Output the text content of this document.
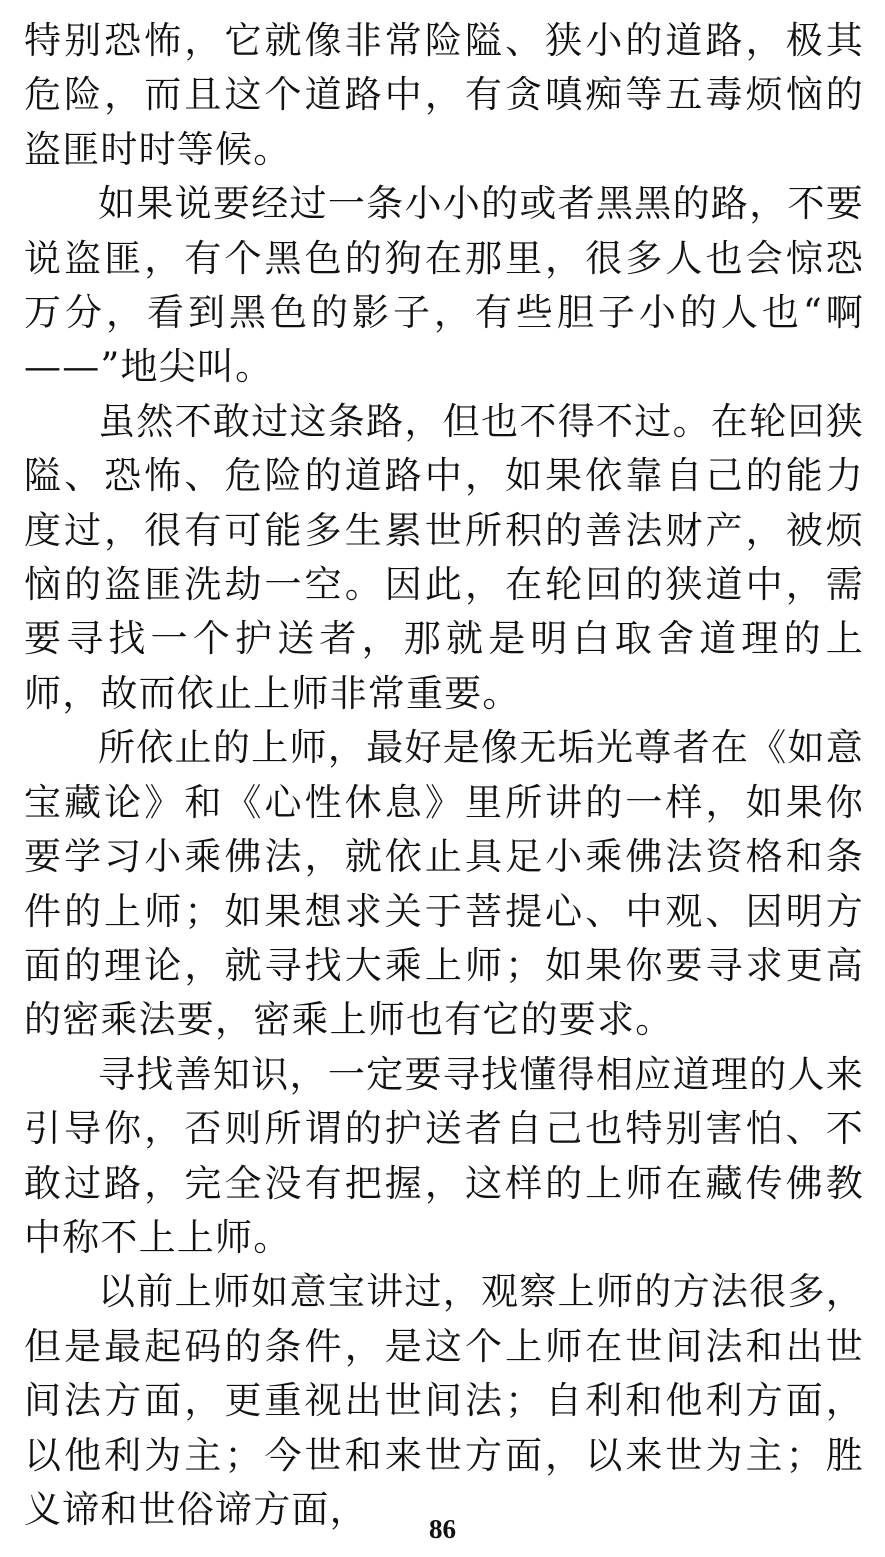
特别恐怖，它就像非常险隘、狭小的道路，极其危险，而且这个道路中，有贪嗔痴等五毒烦恼的盗匪时时等候。

如果说要经过一条小小的或者黑黑的路，不要说盗匪，有个黑色的狗在那里，很多人也会惊恐万分，看到黑色的影子，有些胆子小的人也“啊——”地尖叫。

虽然不敢过这条路，但也不得不过。在轮回狭隘、恐怖、危险的道路中，如果依靠自己的能力度过，很有可能多生累世所积的善法财产，被烦恼的盗匪洗劫一空。因此，在轮回的狭道中，需要寻找一个护送者，那就是明白取舍道理的上师，故而依止上师非常重要。

所依止的上师，最好是像无垢光尊者在《如意宝藏论》和《心性休息》里所讲的一样，如果你要学习小乘佛法，就依止具足小乘佛法资格和条件的上师；如果想求关于菩提心、中观、因明方面的理论，就寻找大乘上师；如果你要寻求更高的密乘法要，密乘上师也有它的要求。

寻找善知识，一定要寻找懂得相应道理的人来引导你，否则所谓的护送者自己也特别害怕、不敢过路，完全没有把握，这样的上师在藏传佛教中称不上上师。

以前上师如意宝讲过，观察上师的方法很多，但是最起码的条件，是这个上师在世间法和出世间法方面，更重视出世间法；自利和他利方面，以他利为主；今世和来世方面，以来世为主；胜义谛和世俗谛方面，	86
